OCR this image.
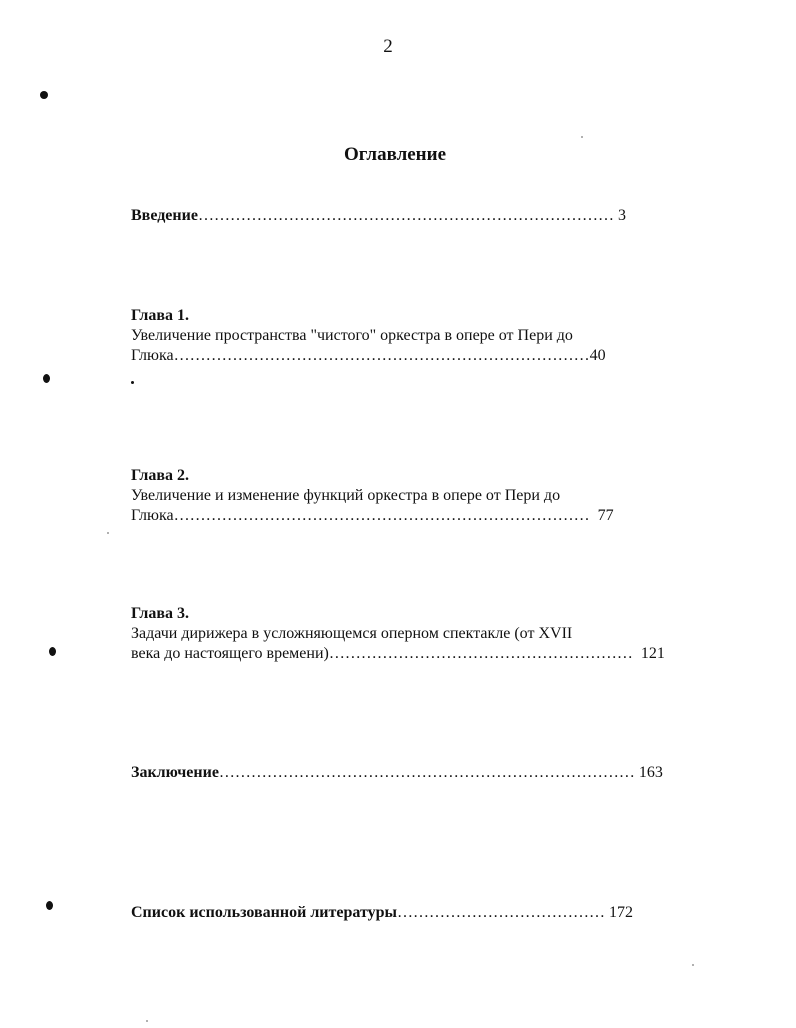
2
Оглавление
Введение…………………………………………………………………… 3
Глава 1.
Увеличение пространства "чистого" оркестра в опере от Пери до
Глюка……………………………………………………………………40
Глава 2.
Увеличение и изменение функций оркестра в опере от Пери до
Глюка…………………………………………………………………… 77
Глава 3.
Задачи дирижера в усложняющемся оперном спектакле (от XVII
века до настоящего времени)………………………………………………… 121
Заключение…………………………………………………………………… 163
Список использованной литературы………………………………… 172
